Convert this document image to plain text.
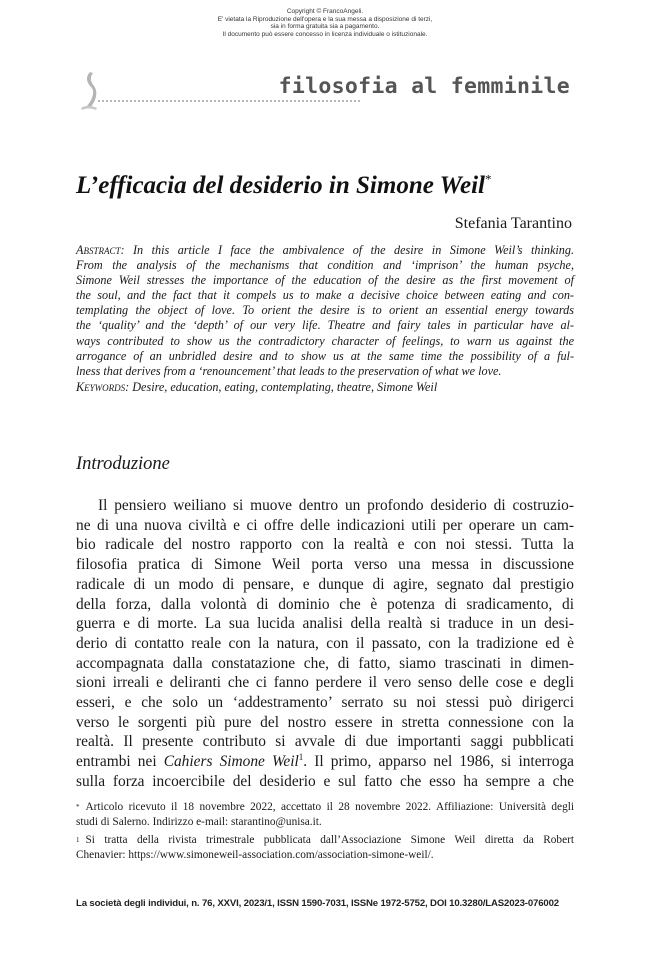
Copyright © FrancoAngeli.
E' vietata la Riproduzione dell'opera e la sua messa a disposizione di terzi,
sia in forma gratuita sia a pagamento.
Il documento può essere concesso in licenza individuale o istituzionale.
filosofia al femminile
L’efficacia del desiderio in Simone Weil*
Stefania Tarantino
Abstract: In this article I face the ambivalence of the desire in Simone Weil’s thinking.
From the analysis of the mechanisms that condition and ‘imprison’ the human psyche,
Simone Weil stresses the importance of the education of the desire as the first movement of
the soul, and the fact that it compels us to make a decisive choice between eating and con-
templating the object of love. To orient the desire is to orient an essential energy towards
the ‘quality’ and the ‘depth’ of our very life. Theatre and fairy tales in particular have al-
ways contributed to show us the contradictory character of feelings, to warn us against the
arrogance of an unbridled desire and to show us at the same time the possibility of a ful-
lness that derives from a ‘renouncement’ that leads to the preservation of what we love.
Keywords: Desire, education, eating, contemplating, theatre, Simone Weil
Introduzione
Il pensiero weiliano si muove dentro un profondo desiderio di costruzio-
ne di una nuova civiltà e ci offre delle indicazioni utili per operare un cam-
bio radicale del nostro rapporto con la realtà e con noi stessi. Tutta la
filosofia pratica di Simone Weil porta verso una messa in discussione
radicale di un modo di pensare, e dunque di agire, segnato dal prestigio
della forza, dalla volontà di dominio che è potenza di sradicamento, di
guerra e di morte. La sua lucida analisi della realtà si traduce in un desi-
derio di contatto reale con la natura, con il passato, con la tradizione ed è
accompagnata dalla constatazione che, di fatto, siamo trascinati in dimen-
sioni irreali e deliranti che ci fanno perdere il vero senso delle cose e degli
esseri, e che solo un ‘addestramento’ serrato su noi stessi può dirigerci
verso le sorgenti più pure del nostro essere in stretta connessione con la
realtà. Il presente contributo si avvale di due importanti saggi pubblicati
entrambi nei Cahiers Simone Weil$^1$. Il primo, apparso nel 1986, si interroga
sulla forza incoercibile del desiderio e sul fatto che esso ha sempre a che
* Articolo ricevuto il 18 novembre 2022, accettato il 28 novembre 2022. Affiliazione: Università degli
studi di Salerno. Indirizzo e-mail: starantino@unisa.it.
1 Si tratta della rivista trimestrale pubblicata dall’Associazione Simone Weil diretta da Robert
Chenavier: https://www.simoneweil-association.com/association-simone-weil/.
La società degli individui, n. 76, XXVI, 2023/1, ISSN 1590-7031, ISSNe 1972-5752, DOI 10.3280/LAS2023-076002
